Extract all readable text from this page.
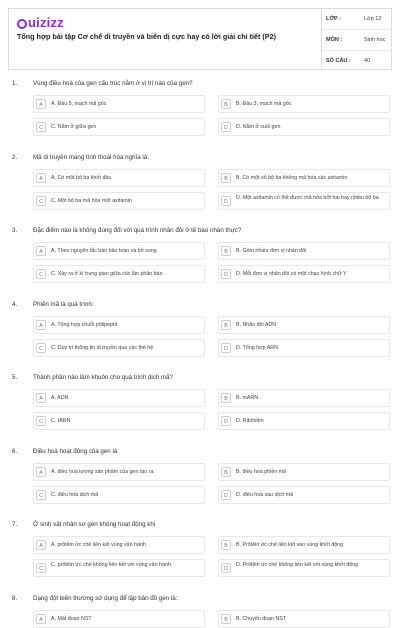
uizizz
Tổng hợp bài tập Cơ chế di truyền và biến dị cực hay có lời giải chi tiết (P2)
LỚP :	Lớp 12
MÔN :	Sinh học
SỐ CÂU : 40
1.	Vùng điều hoà của gen cấu trúc nằm ở vị trí nào của gen?
A	A. Đầu 5, mạch mã gốc	B	B. Đầu 3, mạch mã gốc
C	C. Nằm ở giữa gen	D	D. Nằm ở cuối gen
2.	Mã di truyền mang tính thoái hóa nghĩa là:
A	A. Có một bộ ba khởi đầu	B	B. Có một số bộ ba không mã hóa các axitamin
C	C. Một bộ ba mã hóa một axitamin	D
D. Một axitamin có thể được mã hóa bởi hai hay nhiều bộ ba
3.	Đặc điểm nào là không đúng đối với quá trình nhân đôi ở tế bào nhân thực?
A	A. Theo nguyên tắc bán bảo toàn và bổ sung	B	B. Gồm nhiều đơn vị nhân đôi
C	C. Xảy ra ở kì trung gian giữa các lần phân bào	D	D. Mỗi đơn vị nhân đôi có một chạc hình chữ Y
4.	Phiên mã là quá trình:
A	A. Tổng hợp chuỗi pôlipeptit	B	B. Nhân đôi ADN
C	C. Duy trì thông tin di truyền qua các thế hệ	D	D. Tổng hợp ARN
5.	Thành phần nào làm khuôn cho quá trình dịch mã?
A	A. ADN	B	B. mARN
C	C. tARN	D	D. Ribôxôm
6.	Điều hoà hoạt động của gen là
A	A. điều hoà lượng sản phẩm của gen tạo ra	B	B. điều hoà phiên mã
C	C. điều hoà dịch mã	D	D. điều hoà sau dịch mã
7.	Ở sinh vật nhân sơ gen không hoạt động khi
A	A. prôtêin ức chế liên kết vùng vận hành	B	B. Prôtêin ức chế liên kết vào vùng khởi động
C
C. prôtêin ức chế không liên kết với vùng vận hành
D
D. Prôtêin ức chế không liên kết với vùng khởi động
8.	Dạng đột biến thường sử dụng để lập bản đồ gen là:
A	A. Mất đoạn NST	B	B. Chuyển đoạn NST
